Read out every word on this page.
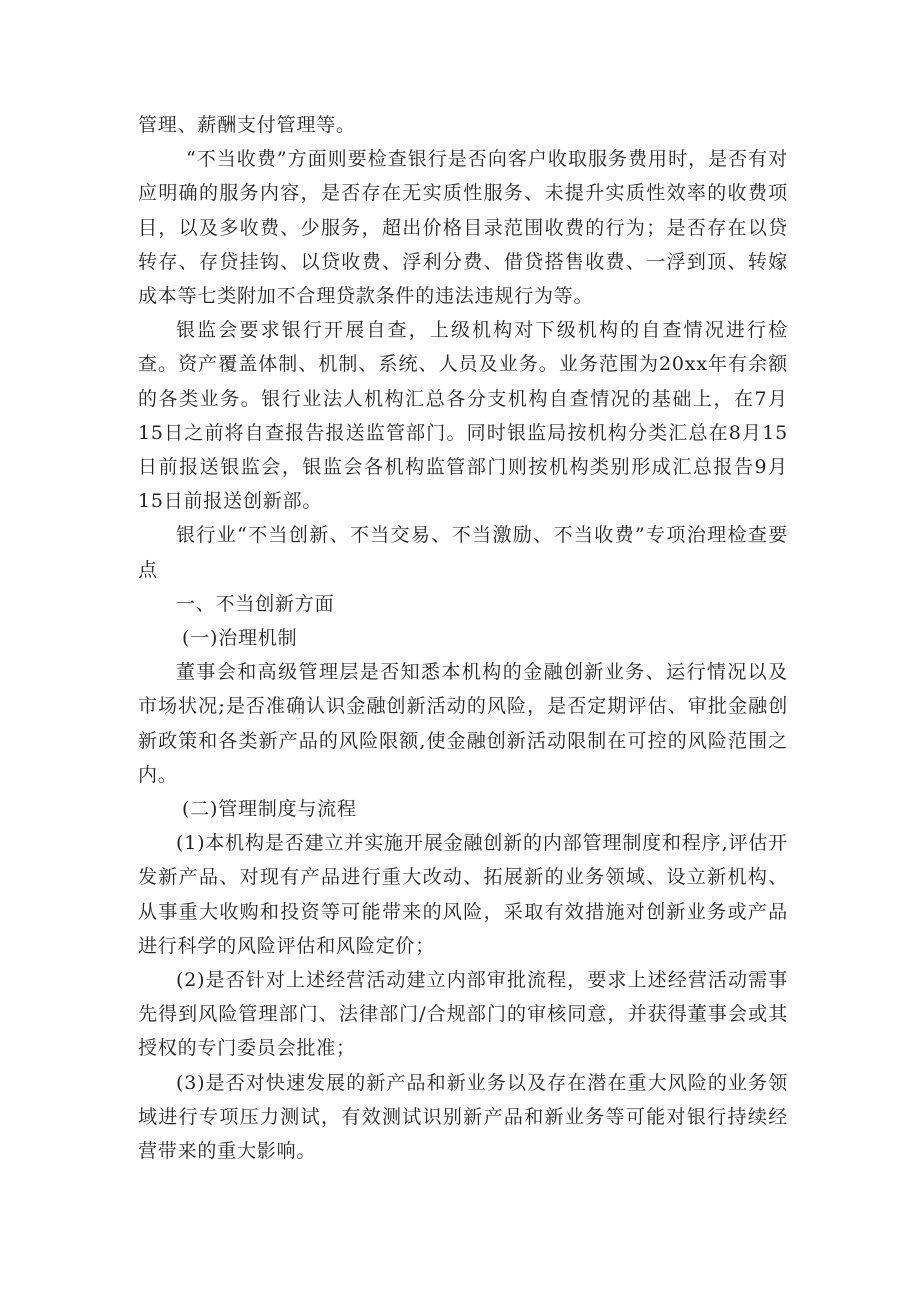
管理、薪酬支付管理等。

“不当收费”方面则要检查银行是否向客户收取服务费用时，是否有对应明确的服务内容，是否存在无实质性服务、未提升实质性效率的收费项目，以及多收费、少服务，超出价格目录范围收费的行为；是否存在以贷转存、存贷挂钩、以贷收费、浮利分费、借贷搭售收费、一浮到顶、转嫁成本等七类附加不合理贷款条件的违法违规行为等。

银监会要求银行开展自查，上级机构对下级机构的自查情况进行检查。资产覆盖体制、机制、系统、人员及业务。业务范围为20xx年有余额的各类业务。银行业法人机构汇总各分支机构自查情况的基础上，在7月15日之前将自查报告报送监管部门。同时银监局按机构分类汇总在8月15日前报送银监会，银监会各机构监管部门则按机构类别形成汇总报告9月15日前报送创新部。

银行业“不当创新、不当交易、不当激励、不当收费”专项治理检查要点

一、不当创新方面

(一)治理机制

董事会和高级管理层是否知悉本机构的金融创新业务、运行情况以及市场状况;是否准确认识金融创新活动的风险，是否定期评估、审批金融创新政策和各类新产品的风险限额,使金融创新活动限制在可控的风险范围之内。

(二)管理制度与流程

(1)本机构是否建立并实施开展金融创新的内部管理制度和程序,评估开发新产品、对现有产品进行重大改动、拓展新的业务领域、设立新机构、从事重大收购和投资等可能带来的风险，采取有效措施对创新业务或产品进行科学的风险评估和风险定价；

(2)是否针对上述经营活动建立内部审批流程，要求上述经营活动需事先得到风险管理部门、法律部门/合规部门的审核同意，并获得董事会或其授权的专门委员会批准；

(3)是否对快速发展的新产品和新业务以及存在潜在重大风险的业务领域进行专项压力测试，有效测试识别新产品和新业务等可能对银行持续经营带来的重大影响。
